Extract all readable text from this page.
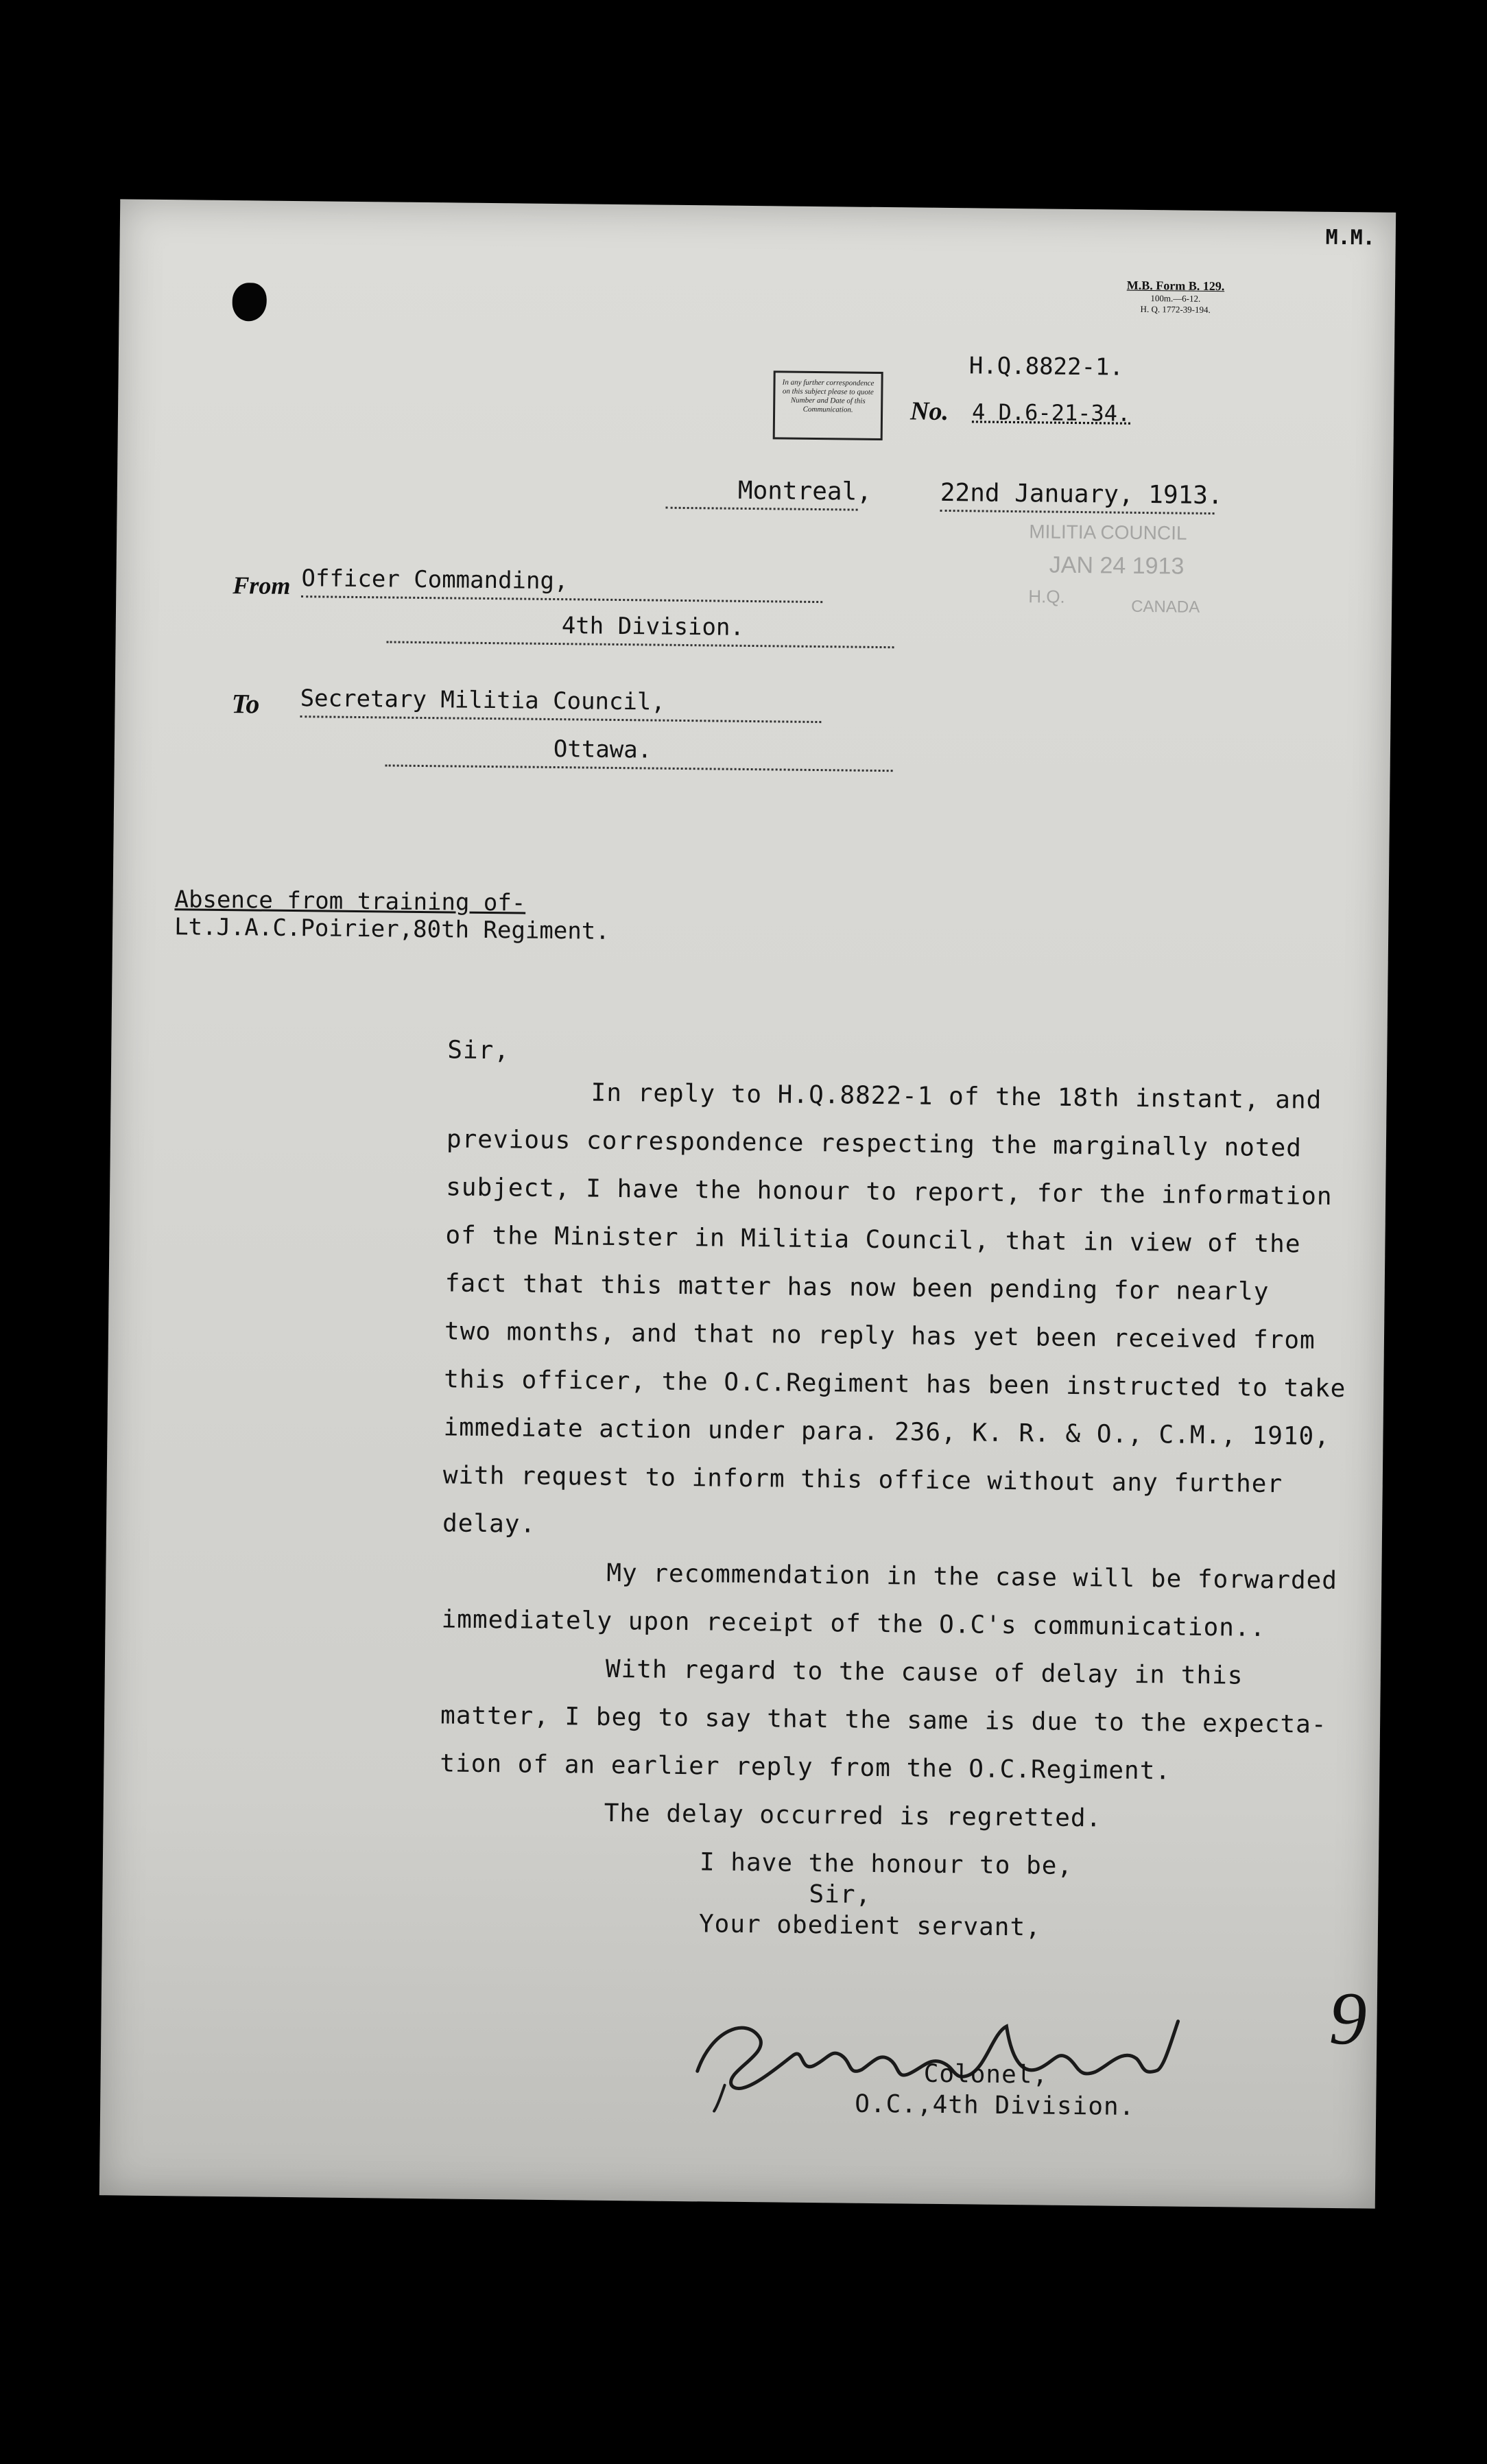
M.M.
M.B. Form B. 129.
100m.—6-12.
H. Q. 1772-39-194.
H.Q.8822-1.
In any further correspondence on this subject please to quote Number and Date of this Communication.	No. 4 D.6-21-34.
Montreal,	22nd January, 1913.
MILITIA COUNCIL
JAN 24 1913
H.Q.
CANADA
From Officer Commanding,
4th Division.
To Secretary Militia Council,
Ottawa.
Absence from training of-
Lt.J.A.C.Poirier,80th Regiment.
Sir,
In reply to H.Q.8822-1 of the 18th instant, and
previous correspondence respecting the marginally noted
subject, I have the honour to report, for the information
of the Minister in Militia Council, that in view of the
fact that this matter has now been pending for nearly
two months, and that no reply has yet been received from
this officer, the O.C.Regiment has been instructed to take
immediate action under para. 236, K. R. & O., C.M., 1910,
with request to inform this office without any further
delay.
My recommendation in the case will be forwarded
immediately upon receipt of the O.C's communication..
With regard to the cause of delay in this
matter, I beg to say that the same is due to the expecta-
tion of an earlier reply from the O.C.Regiment.
The delay occurred is regretted.
I have the honour to be,
Sir,
Your obedient servant,
9
Colonel,
O.C.,4th Division.
